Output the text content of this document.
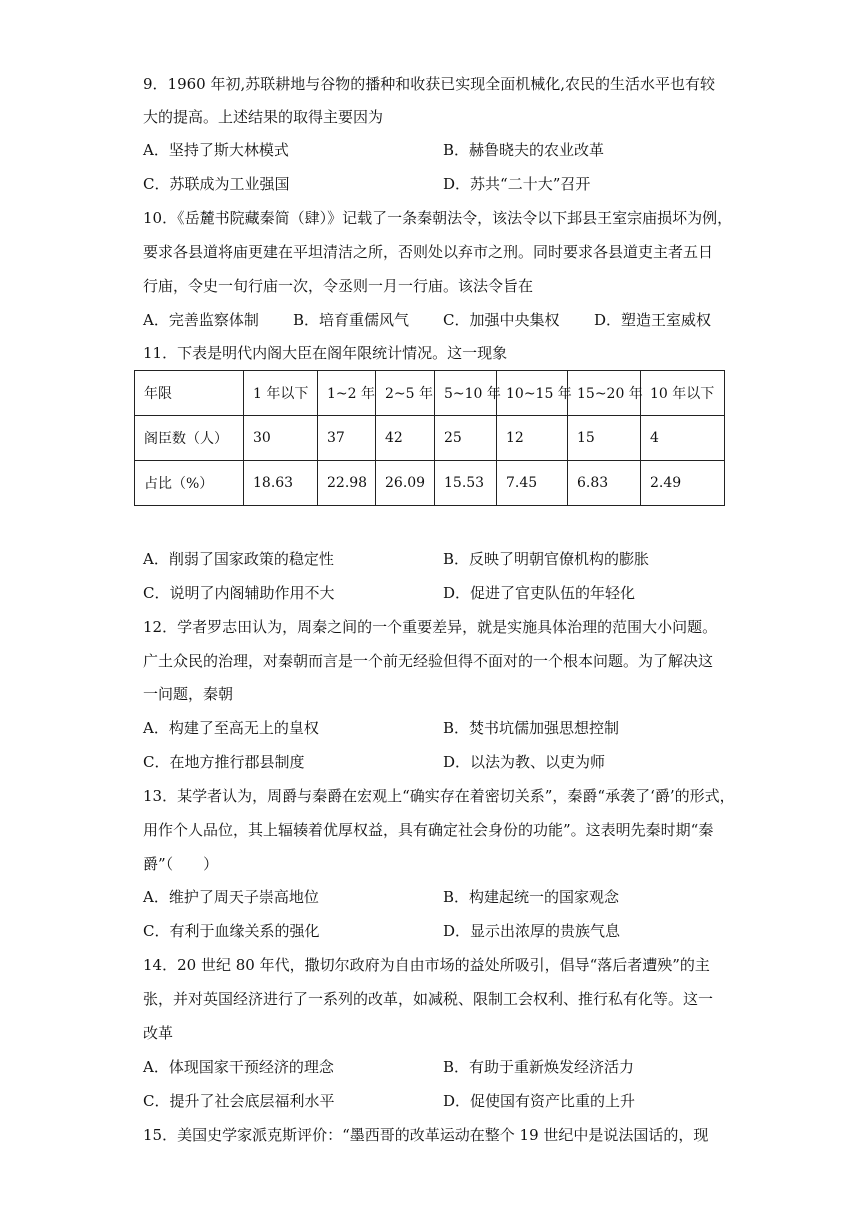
9．1960 年初,苏联耕地与谷物的播种和收获已实现全面机械化,农民的生活水平也有较
大的提高。上述结果的取得主要因为
A．坚持了斯大林模式	B．赫鲁晓夫的农业改革
C．苏联成为工业强国	D．苏共“二十大”召开
10．《岳麓书院藏秦简（肆）》记载了一条秦朝法令，该法令以下邽县王室宗庙损坏为例，
要求各县道将庙更建在平坦清洁之所，否则处以弃市之刑。同时要求各县道吏主者五日
行庙，令史一旬行庙一次，令丞则一月一行庙。该法令旨在
A．完善监察体制 B．培育重儒风气 C．加强中央集权 D．塑造王室威权
11．下表是明代内阁大臣在阁年限统计情况。这一现象
年限	1 年以下	1~2 年	2~5 年	5~10 年	10~15 年	15~20 年	10 年以下
阁臣数（人）	30	37	42	25	12	15	4
占比（%）	18.63	22.98	26.09	15.53	7.45	6.83	2.49
A．削弱了国家政策的稳定性	B．反映了明朝官僚机构的膨胀
C．说明了内阁辅助作用不大	D．促进了官吏队伍的年轻化
12．学者罗志田认为，周秦之间的一个重要差异，就是实施具体治理的范围大小问题。
广土众民的治理，对秦朝而言是一个前无经验但得不面对的一个根本问题。为了解决这
一问题，秦朝
A．构建了至高无上的皇权	B．焚书坑儒加强思想控制
C．在地方推行郡县制度	D．以法为教、以吏为师
13．某学者认为，周爵与秦爵在宏观上“确实存在着密切关系”，秦爵“承袭了‘爵’的形式，
用作个人品位，其上辐辏着优厚权益，具有确定社会身份的功能”。这表明先秦时期“秦
爵”（　　）
A．维护了周天子崇高地位	B．构建起统一的国家观念
C．有利于血缘关系的强化	D．显示出浓厚的贵族气息
14．20 世纪 80 年代，撒切尔政府为自由市场的益处所吸引，倡导“落后者遭殃”的主
张，并对英国经济进行了一系列的改革，如减税、限制工会权利、推行私有化等。这一
改革
A．体现国家干预经济的理念	B．有助于重新焕发经济活力
C．提升了社会底层福利水平	D．促使国有资产比重的上升
15．美国史学家派克斯评价：“墨西哥的改革运动在整个 19 世纪中是说法国话的，现
